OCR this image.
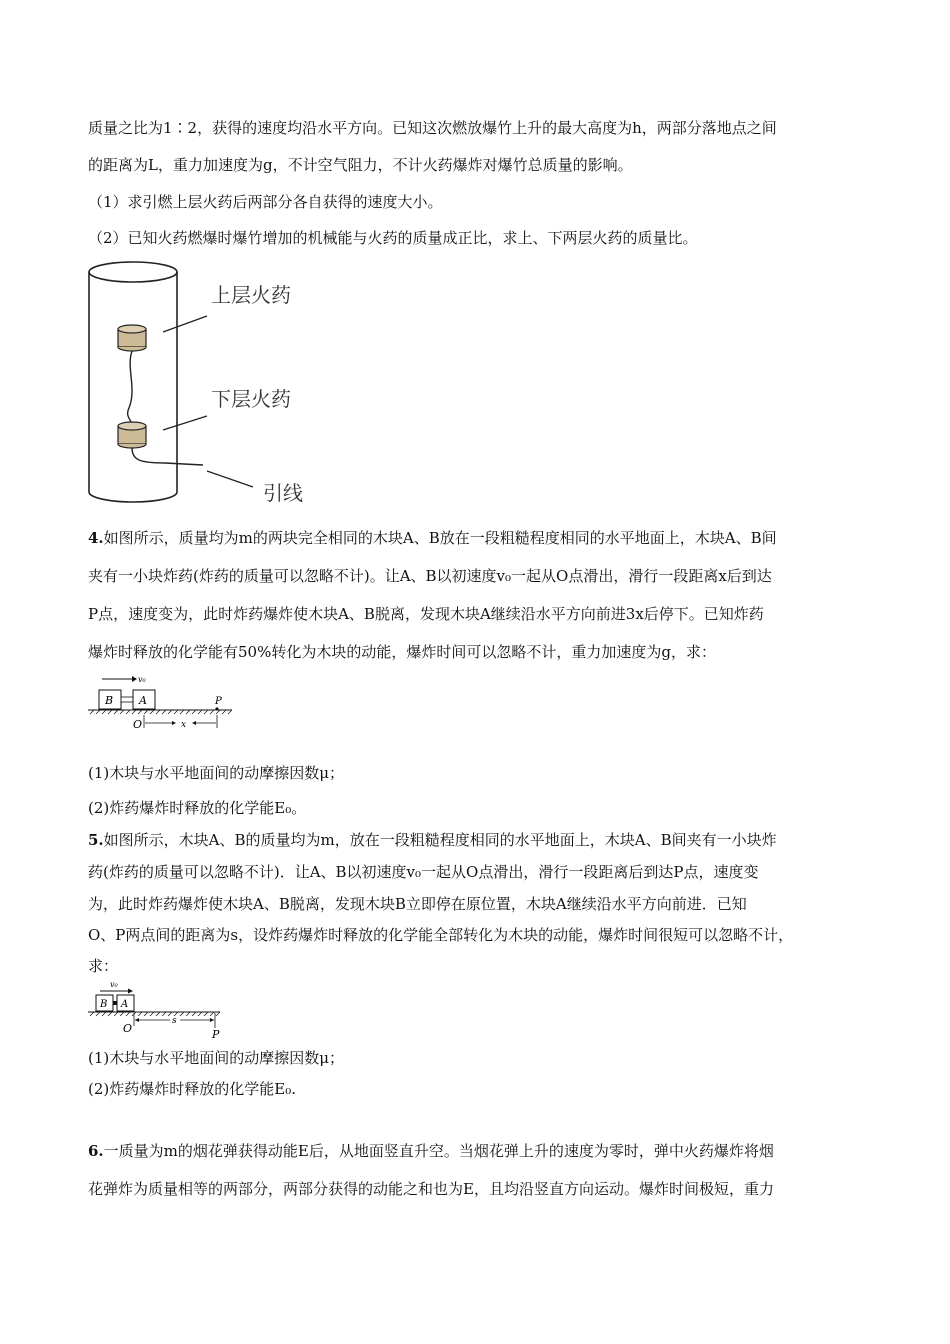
质量之比为1∶2，获得的速度均沿水平方向。已知这次燃放爆竹上升的最大高度为h，两部分落地点之间
的距离为L，重力加速度为g，不计空气阻力，不计火药爆炸对爆竹总质量的影响。
（1）求引燃上层火药后两部分各自获得的速度大小。
（2）已知火药燃爆时爆竹增加的机械能与火药的质量成正比，求上、下两层火药的质量比。
上层火药
下层火药
引线
4.如图所示，质量均为m的两块完全相同的木块A、B放在一段粗糙程度相同的水平地面上，木块A、B间
夹有一小块炸药(炸药的质量可以忽略不计)。让A、B以初速度v₀一起从O点滑出，滑行一段距离x后到达
P点，速度变为，此时炸药爆炸使木块A、B脱离，发现木块A继续沿水平方向前进3x后停下。已知炸药
爆炸时释放的化学能有50%转化为木块的动能，爆炸时间可以忽略不计，重力加速度为g，求：
v₀
B A	P
O	x
(1)木块与水平地面间的动摩擦因数μ；
(2)炸药爆炸时释放的化学能E₀。
5.如图所示，木块A、B的质量均为m，放在一段粗糙程度相同的水平地面上，木块A、B间夹有一小块炸
药(炸药的质量可以忽略不计)．让A、B以初速度v₀一起从O点滑出，滑行一段距离后到达P点，速度变
为，此时炸药爆炸使木块A、B脱离，发现木块B立即停在原位置，木块A继续沿水平方向前进．已知
O、P两点间的距离为s，设炸药爆炸时释放的化学能全部转化为木块的动能，爆炸时间很短可以忽略不计，
求：
v₀
B A
s
O	P
(1)木块与水平地面间的动摩擦因数μ；
(2)炸药爆炸时释放的化学能E₀.
6.一质量为m的烟花弹获得动能E后，从地面竖直升空。当烟花弹上升的速度为零时，弹中火药爆炸将烟
花弹炸为质量相等的两部分，两部分获得的动能之和也为E，且均沿竖直方向运动。爆炸时间极短，重力
